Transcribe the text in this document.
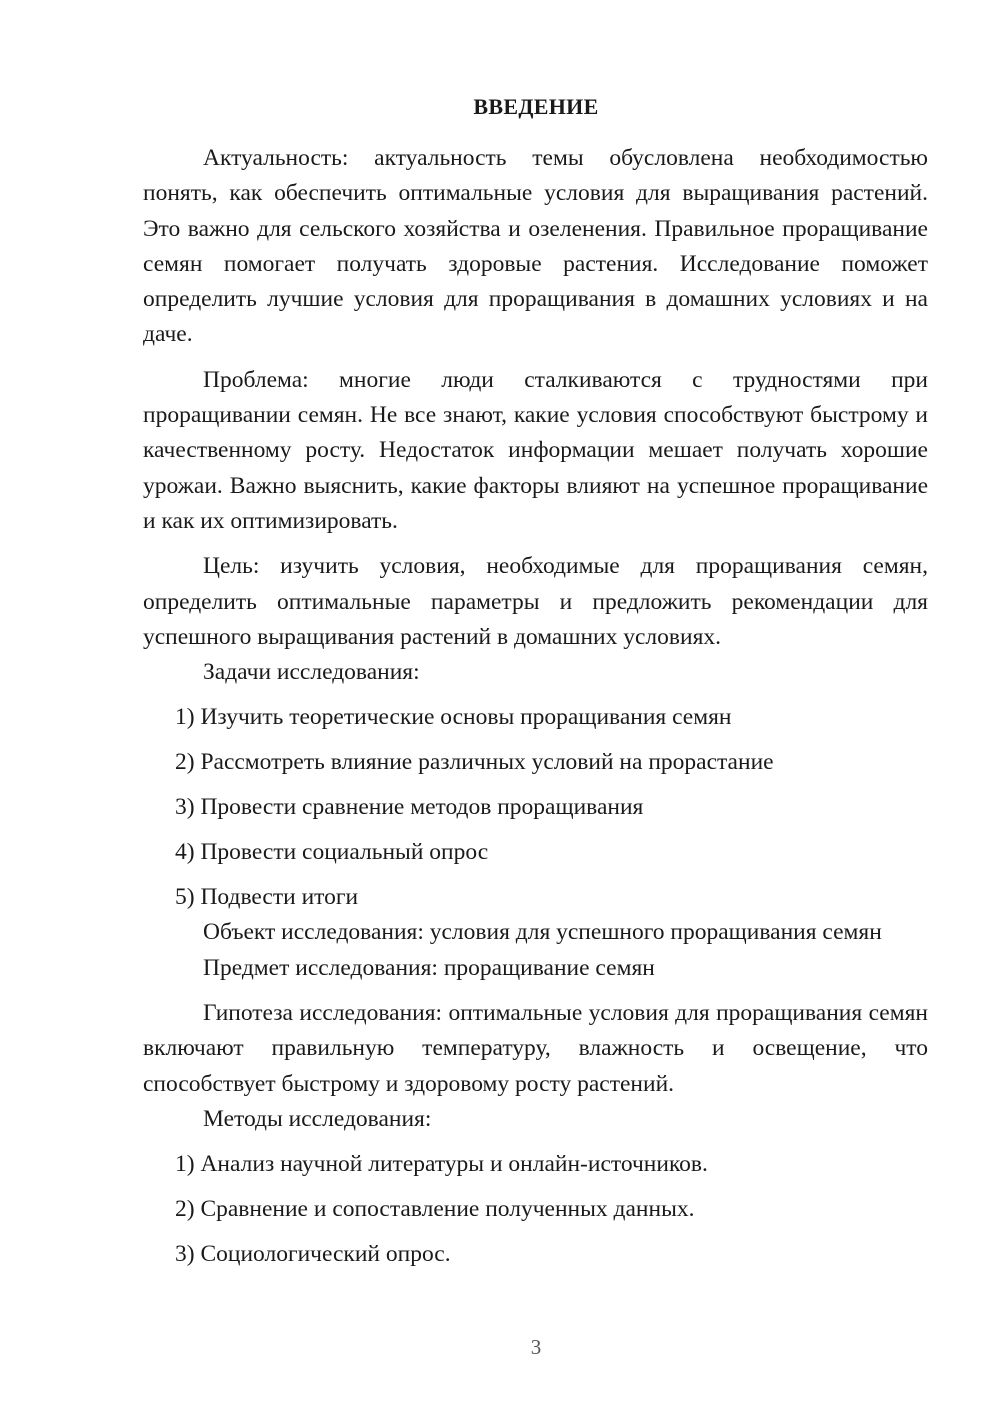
ВВЕДЕНИЕ

Актуальность: актуальность темы обусловлена необходимостью понять, как обеспечить оптимальные условия для выращивания растений. Это важно для сельского хозяйства и озеленения. Правильное проращивание семян помогает получать здоровые растения. Исследование поможет определить лучшие условия для проращивания в домашних условиях и на даче.

Проблема: многие люди сталкиваются с трудностями при проращивании семян. Не все знают, какие условия способствуют быстрому и качественному росту. Недостаток информации мешает получать хорошие урожаи. Важно выяснить, какие факторы влияют на успешное проращивание и как их оптимизировать.

Цель: изучить условия, необходимые для проращивания семян, определить оптимальные параметры и предложить рекомендации для успешного выращивания растений в домашних условиях.

Задачи исследования:

1) Изучить теоретические основы проращивания семян

2) Рассмотреть влияние различных условий на прорастание

3) Провести сравнение методов проращивания

4) Провести социальный опрос

5) Подвести итоги

Объект исследования: условия для успешного проращивания семян

Предмет исследования: проращивание семян

Гипотеза исследования: оптимальные условия для проращивания семян включают правильную температуру, влажность и освещение, что способствует быстрому и здоровому росту растений.

Методы исследования:

1) Анализ научной литературы и онлайн-источников.

2) Сравнение и сопоставление полученных данных.

3) Социологический опрос.

3
